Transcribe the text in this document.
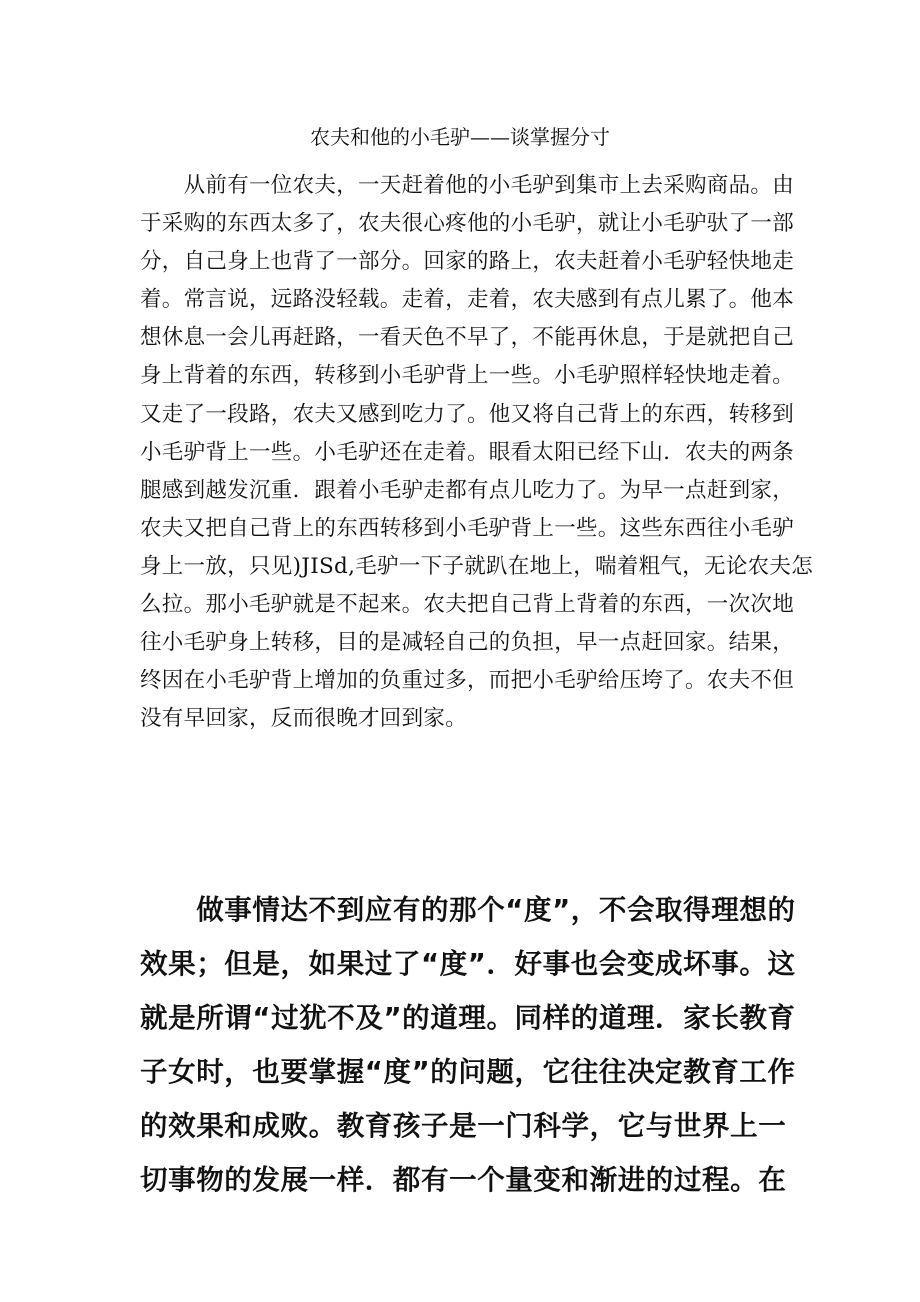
农夫和他的小毛驴——谈掌握分寸
　　从前有一位农夫，一天赶着他的小毛驴到集市上去采购商品。由
于采购的东西太多了，农夫很心疼他的小毛驴，就让小毛驴驮了一部
分，自己身上也背了一部分。回家的路上，农夫赶着小毛驴轻快地走
着。常言说，远路没轻载。走着，走着，农夫感到有点儿累了。他本
想休息一会儿再赶路，一看天色不早了，不能再休息，于是就把自己
身上背着的东西，转移到小毛驴背上一些。小毛驴照样轻快地走着。
又走了一段路，农夫又感到吃力了。他又将自己背上的东西，转移到
小毛驴背上一些。小毛驴还在走着。眼看太阳已经下山．农夫的两条
腿感到越发沉重．跟着小毛驴走都有点儿吃力了。为早一点赶到家，
农夫又把自己背上的东西转移到小毛驴背上一些。这些东西往小毛驴
身上一放，只见)JISd,毛驴一下子就趴在地上，喘着粗气，无论农夫怎
么拉。那小毛驴就是不起来。农夫把自己背上背着的东西，一次次地
往小毛驴身上转移，目的是减轻自己的负担，早一点赶回家。结果，
终因在小毛驴背上增加的负重过多，而把小毛驴给压垮了。农夫不但
没有早回家，反而很晚才回到家。
　　做事情达不到应有的那个“度”，不会取得理想的
效果；但是，如果过了“度”．好事也会变成坏事。这
就是所谓“过犹不及”的道理。同样的道理．家长教育
子女时，也要掌握“度”的问题，它往往决定教育工作
的效果和成败。教育孩子是一门科学，它与世界上一
切事物的发展一样．都有一个量变和渐进的过程。在
